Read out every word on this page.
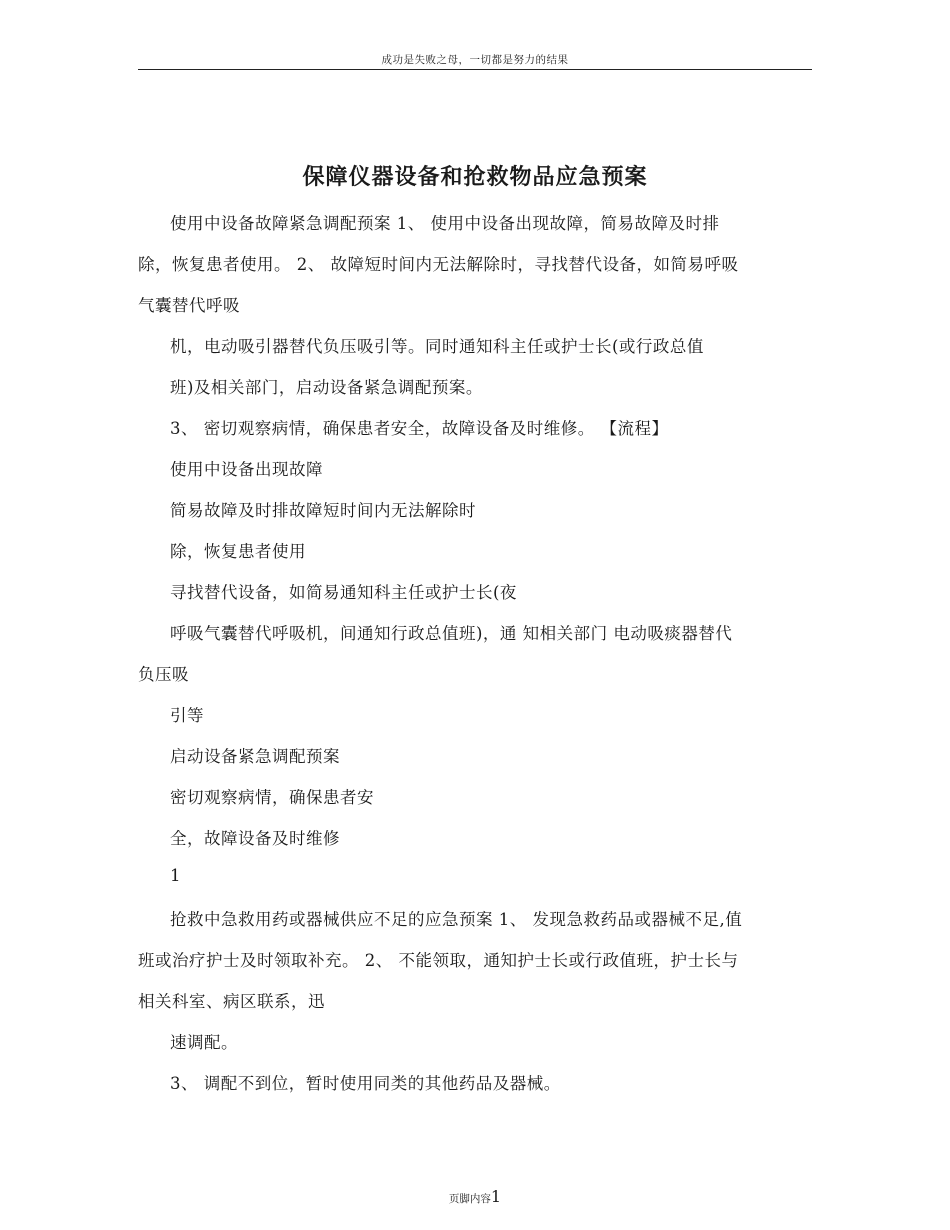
成功是失败之母，一切都是努力的结果
保障仪器设备和抢救物品应急预案
使用中设备故障紧急调配预案 1、 使用中设备出现故障，简易故障及时排
除，恢复患者使用。 2、 故障短时间内无法解除时，寻找替代设备，如简易呼吸
气囊替代呼吸
机，电动吸引器替代负压吸引等。同时通知科主任或护士长(或行政总值
班)及相关部门，启动设备紧急调配预案。
3、 密切观察病情，确保患者安全，故障设备及时维修。 【流程】
使用中设备出现故障
简易故障及时排故障短时间内无法解除时
除，恢复患者使用
寻找替代设备，如简易通知科主任或护士长(夜
呼吸气囊替代呼吸机，间通知行政总值班)，通 知相关部门 电动吸痰器替代
负压吸
引等
启动设备紧急调配预案
密切观察病情，确保患者安
全，故障设备及时维修
1
抢救中急救用药或器械供应不足的应急预案 1、 发现急救药品或器械不足,值
班或治疗护士及时领取补充。 2、 不能领取，通知护士长或行政值班，护士长与
相关科室、病区联系，迅
速调配。
3、 调配不到位，暂时使用同类的其他药品及器械。
页脚内容1
